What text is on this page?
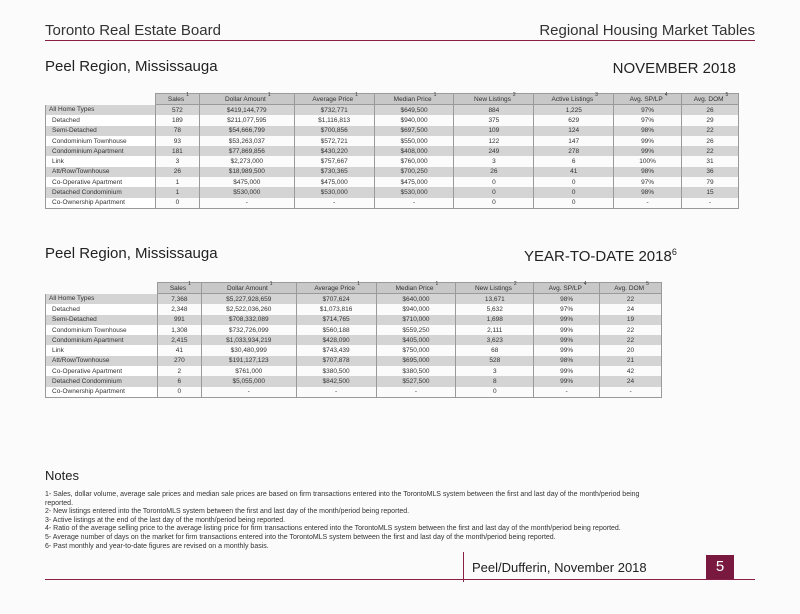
Toronto Real Estate Board	Regional Housing Market Tables
Peel Region, Mississauga	NOVEMBER 2018
	Sales$^1$	Dollar Amount$^1$	Average Price$^1$	Median Price$^1$	New Listings$^2$	Active Listings$^3$	Avg. $SP/LP^4$	Avg. DOM$^5$
All Home Types	572	$419,144,779	$732,771	$649,500	884	1,225	97%	26
Detached	189	$211,077,595	$1,116,813	$940,000	375	629	97%	29
Semi-Detached	78	$54,666,799	$700,856	$697,500	109	124	98%	22
Condominium Townhouse	93	$53,263,037	$572,721	$550,000	122	147	99%	26
Condominium Apartment	181	$77,869,856	$430,220	$408,000	249	278	99%	22
Link	3	$2,273,000	$757,667	$760,000	3	6	100%	31
Att/Row/Townhouse	26	$18,989,500	$730,365	$700,250	26	41	98%	36
Co-Operative Apartment	1	$475,000	$475,000	$475,000	0	0	97%	79
Detached Condominium	1	$530,000	$530,000	$530,000	0	0	98%	15
Co-Ownership Apartment	0	-	-	-	0	0	-	-
Peel Region, Mississauga	YEAR-TO-DATE 2018$^6$
	Sales$^1$	Dollar Amount$^1$	Average Price$^1$	Median Price$^1$	New Listings$^2$	Avg. $SP/LP^4$	Avg. DOM$^5$
All Home Types	7,368	$5,227,928,659	$707,624	$640,000	13,671	98%	22
Detached	2,348	$2,522,036,260	$1,073,816	$940,000	5,632	97%	24
Semi-Detached	991	$708,332,089	$714,765	$710,000	1,698	99%	19
Condominium Townhouse	1,308	$732,726,099	$560,188	$559,250	2,111	99%	22
Condominium Apartment	2,415	$1,033,934,219	$428,090	$405,000	3,623	99%	22
Link	41	$30,480,999	$743,439	$750,000	68	99%	20
Att/Row/Townhouse	270	$191,127,123	$707,878	$695,000	528	98%	21
Co-Operative Apartment	2	$761,000	$380,500	$380,500	3	99%	42
Detached Condominium	6	$5,055,000	$842,500	$527,500	8	99%	24
Co-Ownership Apartment	0	-	-	-	0	-	-
Notes

1- Sales, dollar volume, average sale prices and median sale prices are based on firm transactions entered into the TorontoMLS system between the first and last day of the month/period being reported.

2- New listings entered into the TorontoMLS system between the first and last day of the month/period being reported.

3- Active listings at the end of the last day of the month/period being reported.

4- Ratio of the average selling price to the average listing price for firm transactions entered into the TorontoMLS system between the first and last day of the month/period being reported.

5- Average number of days on the market for firm transactions entered into the TorontoMLS system between the first and last day of the month/period being reported.

6- Past monthly and year-to-date figures are revised on a monthly basis.

Peel/Dufferin, November 2018	5
